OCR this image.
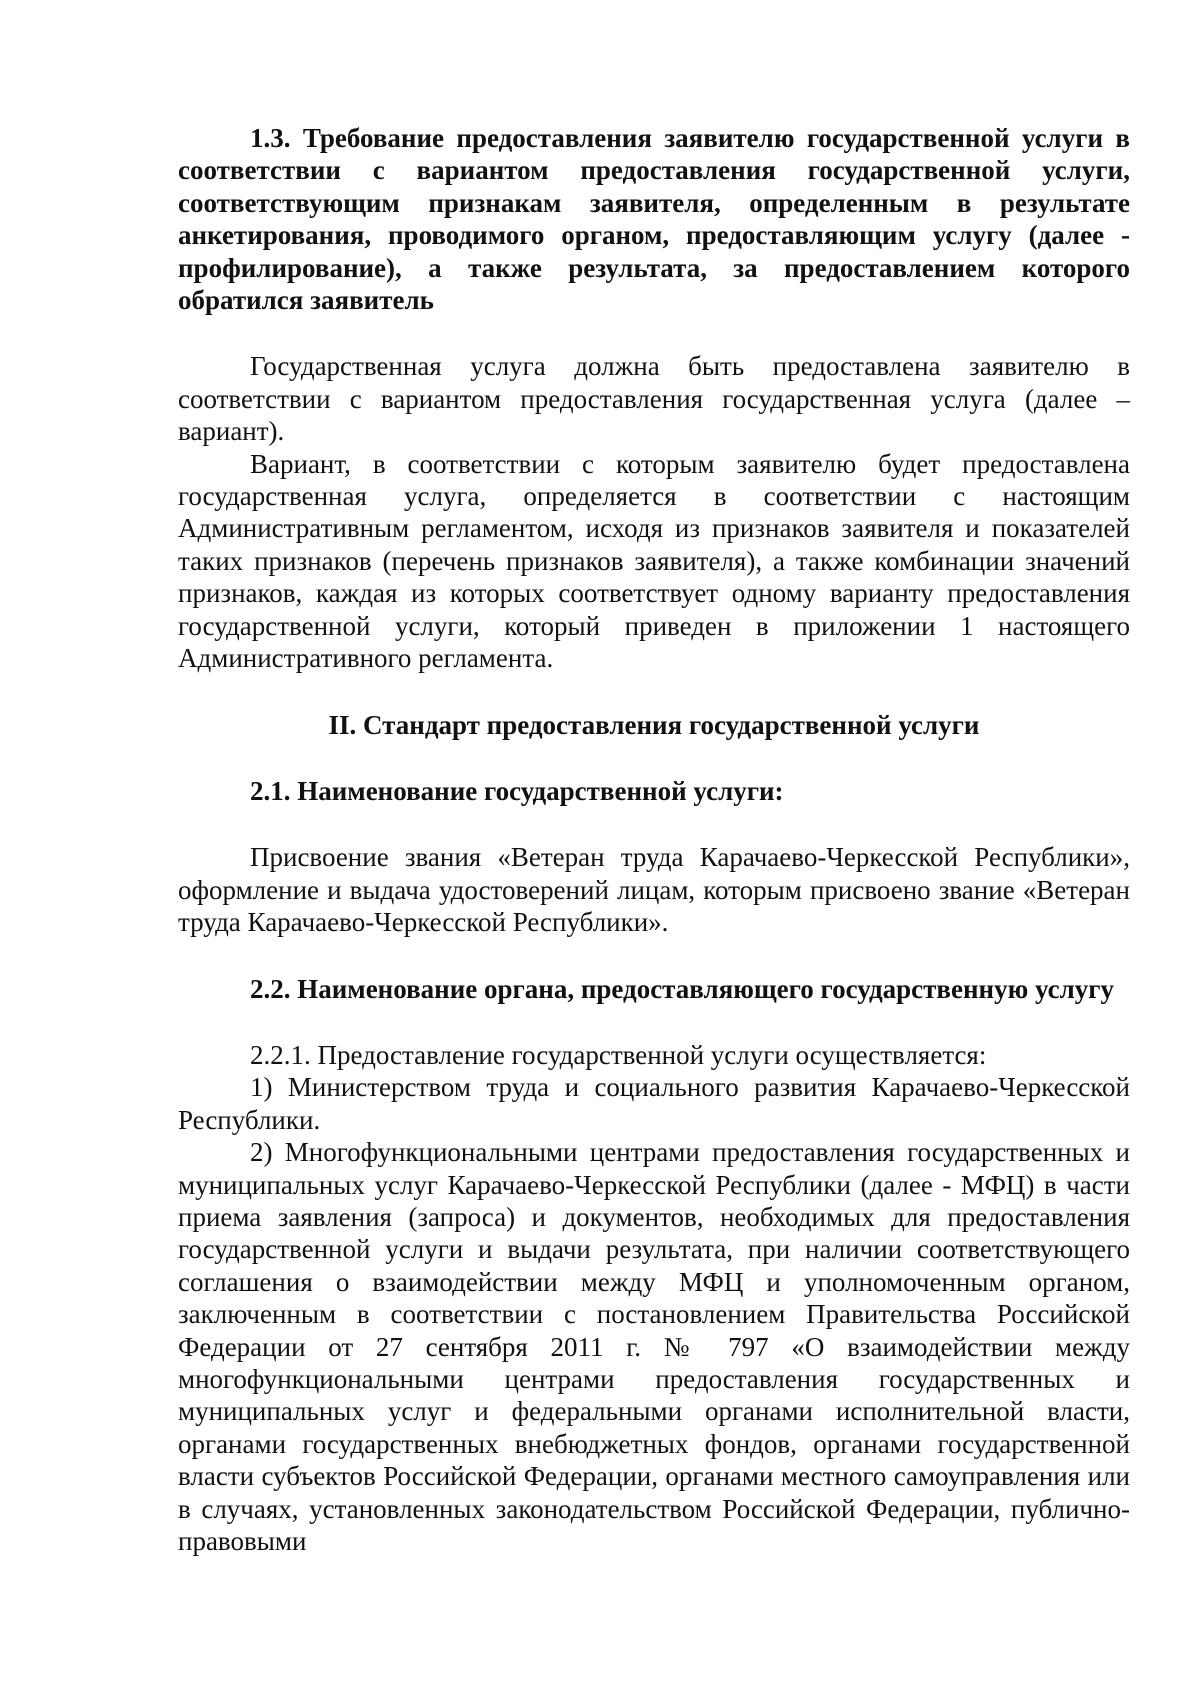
1.3. Требование предоставления заявителю государственной услуги в соответствии с вариантом предоставления государственной услуги, соответствующим признакам заявителя, определенным в результате анкетирования, проводимого органом, предоставляющим услугу (далее - профилирование), а также результата, за предоставлением которого обратился заявитель

Государственная услуга должна быть предоставлена заявителю в соответствии с вариантом предоставления государственная услуга (далее – вариант).

Вариант, в соответствии с которым заявителю будет предоставлена государственная услуга, определяется в соответствии с настоящим Административным регламентом, исходя из признаков заявителя и показателей таких признаков (перечень признаков заявителя), а также комбинации значений признаков, каждая из которых соответствует одному варианту предоставления государственной услуги, который приведен в приложении 1 настоящего Административного регламента.

II. Стандарт предоставления государственной услуги

2.1. Наименование государственной услуги:

Присвоение звания «Ветеран труда Карачаево-Черкесской Республики», оформление и выдача удостоверений лицам, которым присвоено звание «Ветеран труда Карачаево-Черкесской Республики».

2.2. Наименование органа, предоставляющего государственную услугу

2.2.1. Предоставление государственной услуги осуществляется:

1) Министерством труда и социального развития Карачаево-Черкесской Республики.

2) Многофункциональными центрами предоставления государственных и муниципальных услуг Карачаево-Черкесской Республики (далее - МФЦ) в части приема заявления (запроса) и документов, необходимых для предоставления государственной услуги и выдачи результата, при наличии соответствующего соглашения о взаимодействии между МФЦ и уполномоченным органом, заключенным в соответствии с постановлением Правительства Российской Федерации от 27 сентября 2011 г. № 797 «О взаимодействии между многофункциональными центрами предоставления государственных и муниципальных услуг и федеральными органами исполнительной власти, органами государственных внебюджетных фондов, органами государственной власти субъектов Российской Федерации, органами местного самоуправления или в случаях, установленных законодательством Российской Федерации, публично-правовыми
